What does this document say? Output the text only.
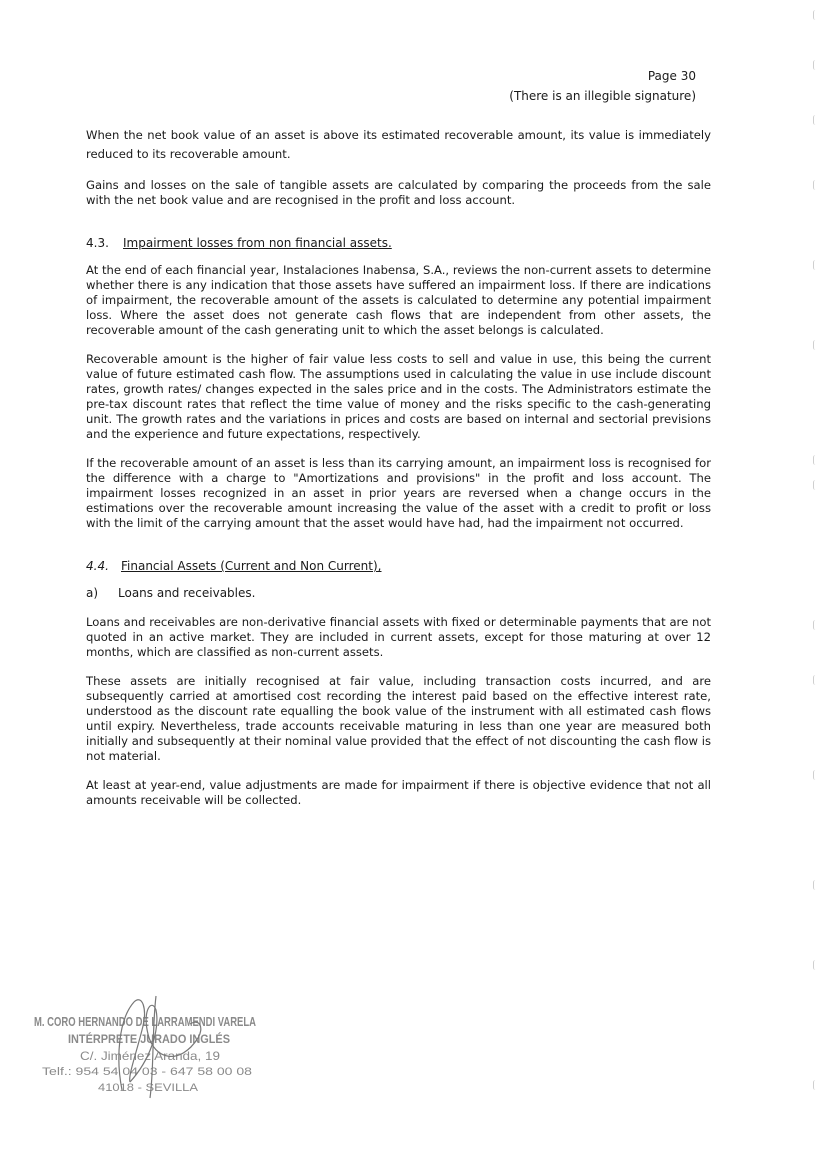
Page 30
(There is an illegible signature)

When the net book value of an asset is above its estimated recoverable amount, its value is immediately reduced to its recoverable amount.

Gains and losses on the sale of tangible assets are calculated by comparing the proceeds from the sale with the net book value and are recognised in the profit and loss account.

4.3. Impairment losses from non financial assets.

At the end of each financial year, Instalaciones Inabensa, S.A., reviews the non-current assets to determine whether there is any indication that those assets have suffered an impairment loss. If there are indications of impairment, the recoverable amount of the assets is calculated to determine any potential impairment loss. Where the asset does not generate cash flows that are independent from other assets, the recoverable amount of the cash generating unit to which the asset belongs is calculated.

Recoverable amount is the higher of fair value less costs to sell and value in use, this being the current value of future estimated cash flow. The assumptions used in calculating the value in use include discount rates, growth rates/ changes expected in the sales price and in the costs. The Administrators estimate the pre-tax discount rates that reflect the time value of money and the risks specific to the cash-generating unit. The growth rates and the variations in prices and costs are based on internal and sectorial previsions and the experience and future expectations, respectively.

If the recoverable amount of an asset is less than its carrying amount, an impairment loss is recognised for the difference with a charge to "Amortizations and provisions" in the profit and loss account. The impairment losses recognized in an asset in prior years are reversed when a change occurs in the estimations over the recoverable amount increasing the value of the asset with a credit to profit or loss with the limit of the carrying amount that the asset would have had, had the impairment not occurred.

4.4. Financial Assets (Current and Non Current),
a) Loans and receivables.

Loans and receivables are non-derivative financial assets with fixed or determinable payments that are not quoted in an active market. They are included in current assets, except for those maturing at over 12 months, which are classified as non-current assets.

These assets are initially recognised at fair value, including transaction costs incurred, and are subsequently carried at amortised cost recording the interest paid based on the effective interest rate, understood as the discount rate equalling the book value of the instrument with all estimated cash flows until expiry. Nevertheless, trade accounts receivable maturing in less than one year are measured both initially and subsequently at their nominal value provided that the effect of not discounting the cash flow is not material.

At least at year-end, value adjustments are made for impairment if there is objective evidence that not all amounts receivable will be collected.

M. CORO HERNANDO DE LARRAMENDI VARELA
INTÉRPRETE JURADO INGLÉS
C/. Jiménez Aranda, 19
Telf.: 954 54 04 03 - 647 58 00 08
41018 - SEVILLA
